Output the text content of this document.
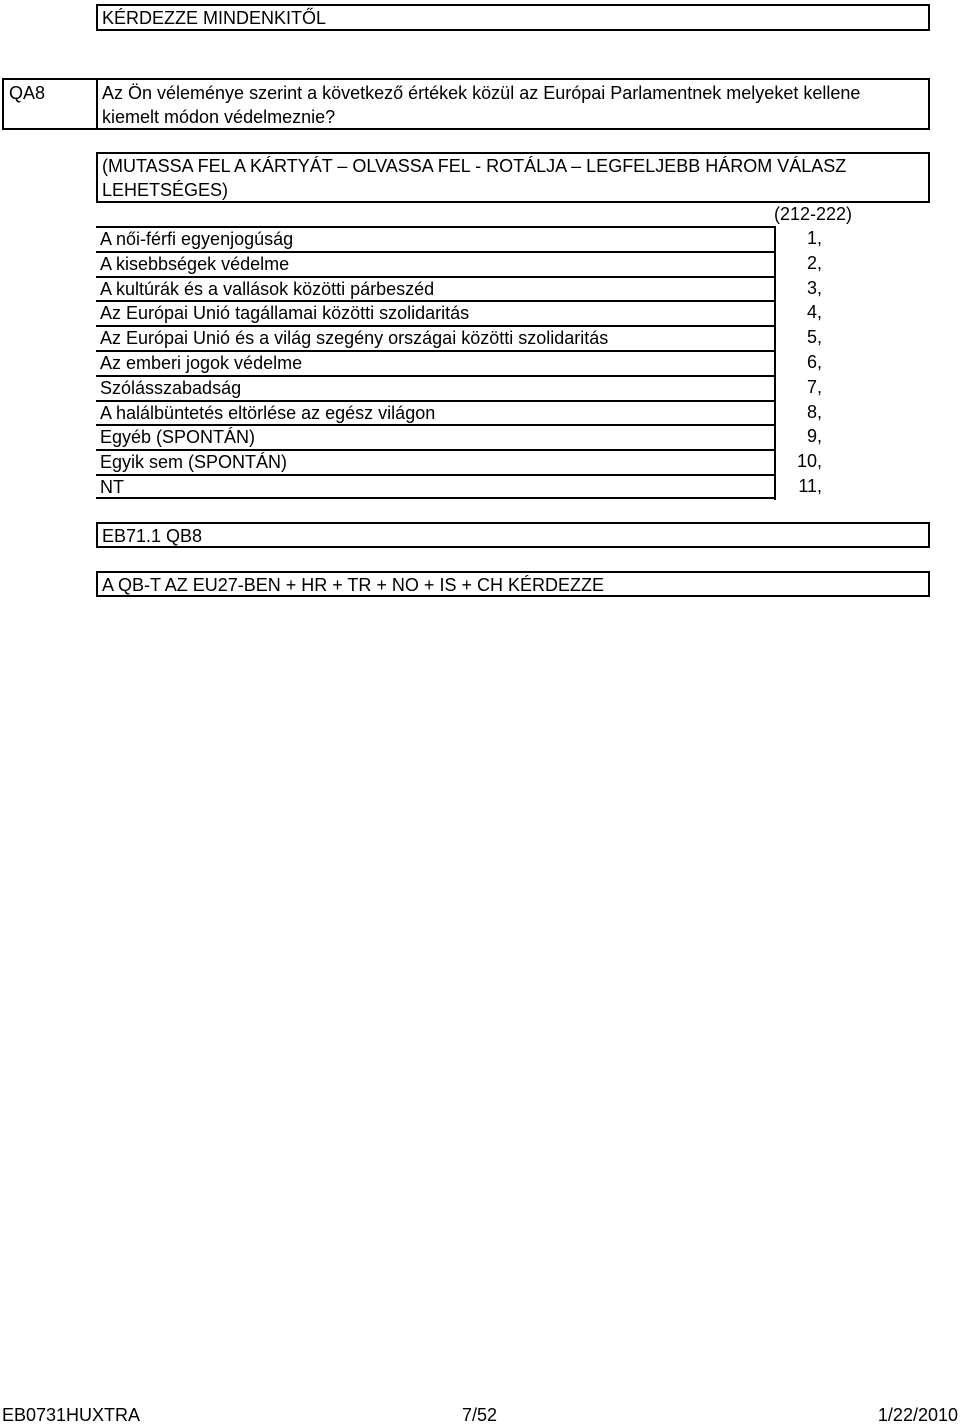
KÉRDEZZE MINDENKITŐL
QA8	Az Ön véleménye szerint a következő értékek közül az Európai Parlamentnek melyeket kellene kiemelt módon védelmeznie?
(MUTASSA FEL A KÁRTYÁT – OLVASSA FEL - ROTÁLJA – LEGFELJEBB HÁROM VÁLASZ LEHETSÉGES)
(212-222)
A női-férfi egyenjogúság	1,
A kisebbségek védelme	2,
A kultúrák és a vallások közötti párbeszéd	3,
Az Európai Unió tagállamai közötti szolidaritás	4,
Az Európai Unió és a világ szegény országai közötti szolidaritás	5,
Az emberi jogok védelme	6,
Szólásszabadság	7,
A halálbüntetés eltörlése az egész világon	8,
Egyéb (SPONTÁN)	9,
Egyik sem (SPONTÁN)	10,
NT	11,
EB71.1 QB8
A QB-T AZ EU27-BEN + HR + TR + NO + IS + CH KÉRDEZZE
EB0731HUXTRA	7/52	1/22/2010
